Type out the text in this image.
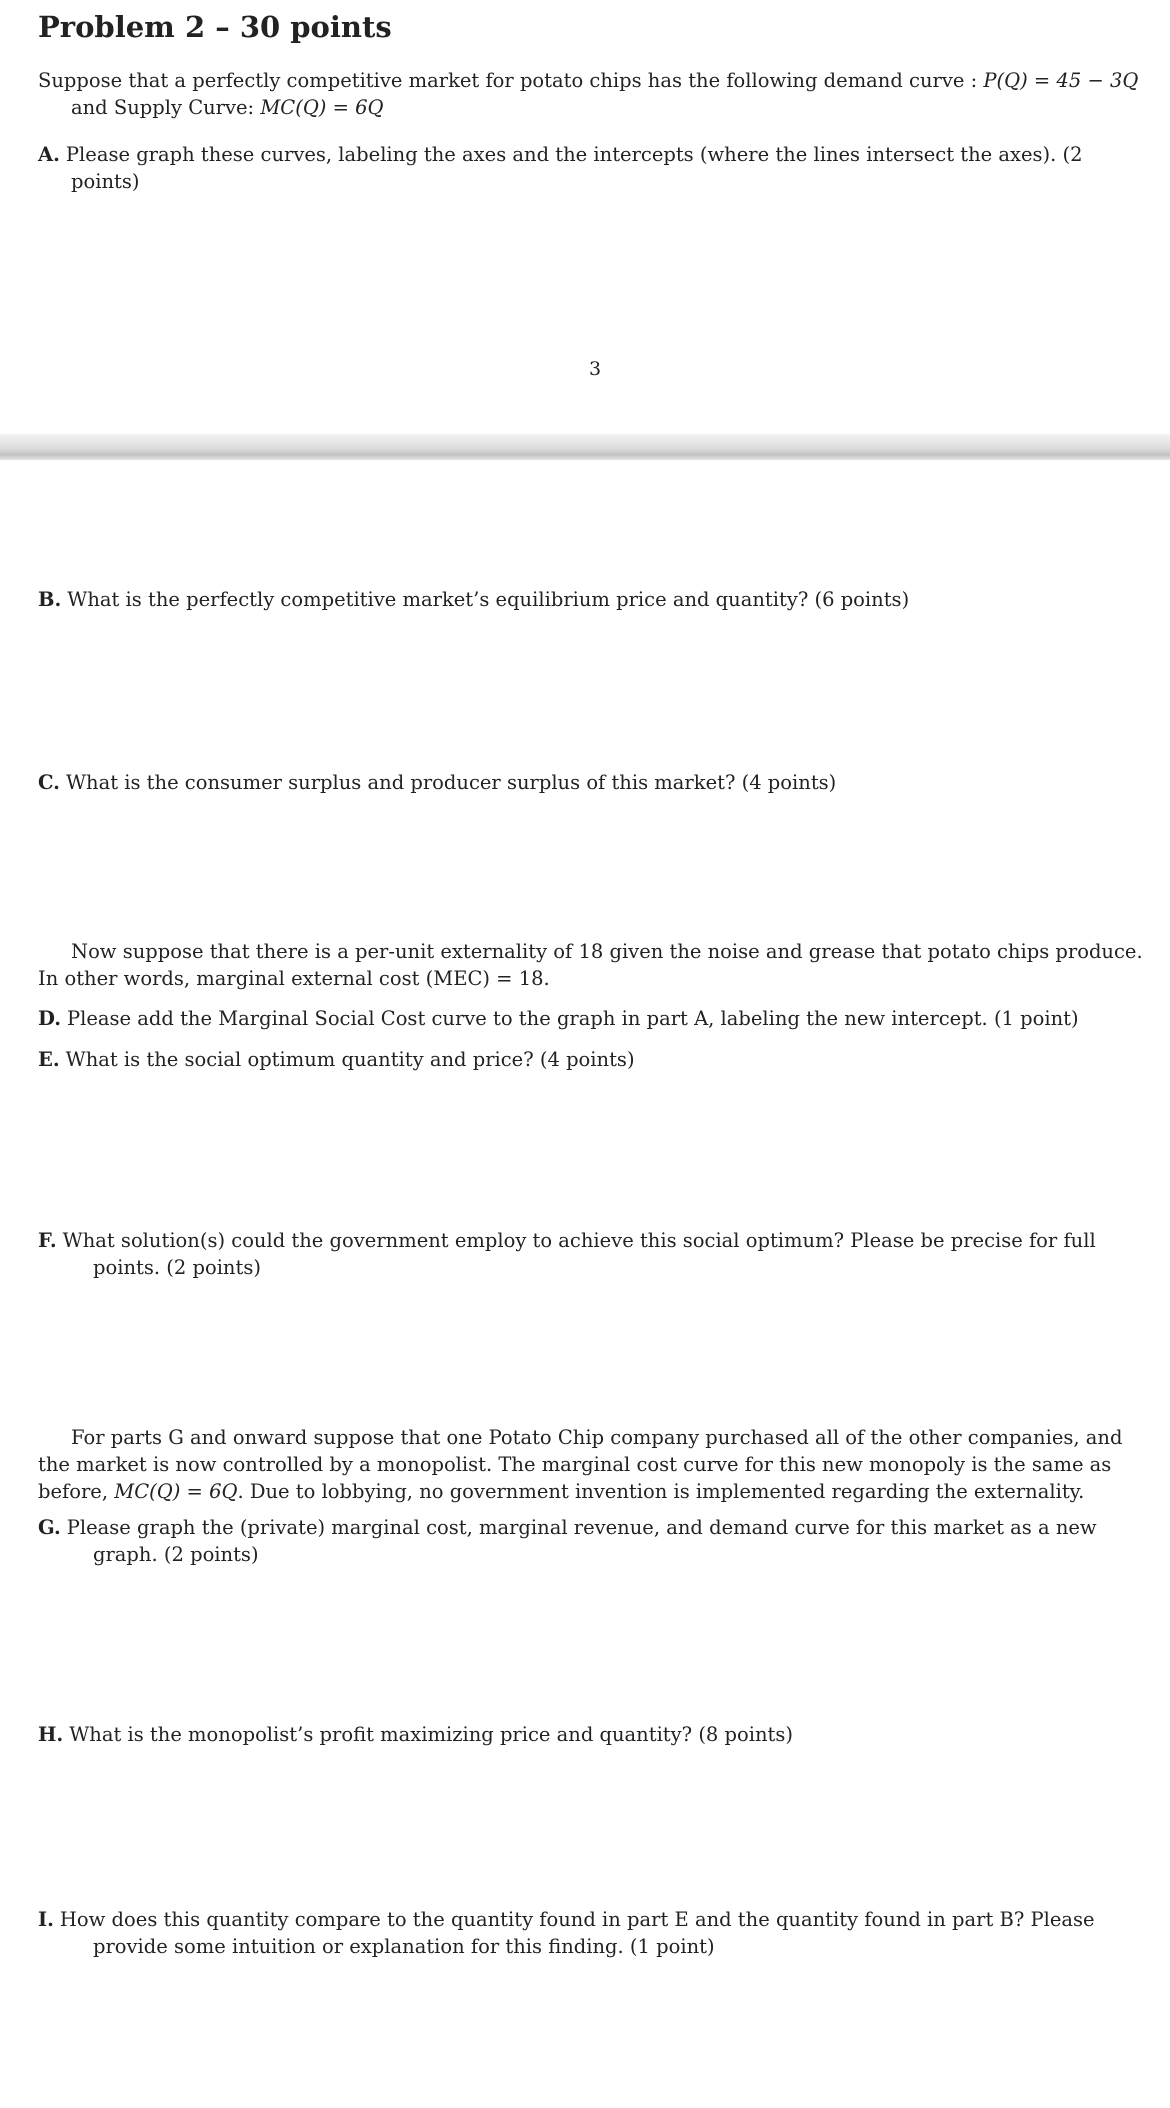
Problem 2 – 30 points
Suppose that a perfectly competitive market for potato chips has the following demand curve : P(Q) = 45 − 3Q and Supply Curve: MC(Q) = 6Q
A. Please graph these curves, labeling the axes and the intercepts (where the lines intersect the axes). (2 points)
3
B. What is the perfectly competitive market’s equilibrium price and quantity? (6 points)
C. What is the consumer surplus and producer surplus of this market? (4 points)
Now suppose that there is a per-unit externality of 18 given the noise and grease that potato chips produce. In other words, marginal external cost (MEC) = 18.
D. Please add the Marginal Social Cost curve to the graph in part A, labeling the new intercept. (1 point)
E. What is the social optimum quantity and price? (4 points)
F. What solution(s) could the government employ to achieve this social optimum? Please be precise for full points. (2 points)
For parts G and onward suppose that one Potato Chip company purchased all of the other companies, and the market is now controlled by a monopolist. The marginal cost curve for this new monopoly is the same as before, MC(Q) = 6Q. Due to lobbying, no government invention is implemented regarding the externality.
G. Please graph the (private) marginal cost, marginal revenue, and demand curve for this market as a new graph. (2 points)
H. What is the monopolist’s profit maximizing price and quantity? (8 points)
I. How does this quantity compare to the quantity found in part E and the quantity found in part B? Please provide some intuition or explanation for this finding. (1 point)
